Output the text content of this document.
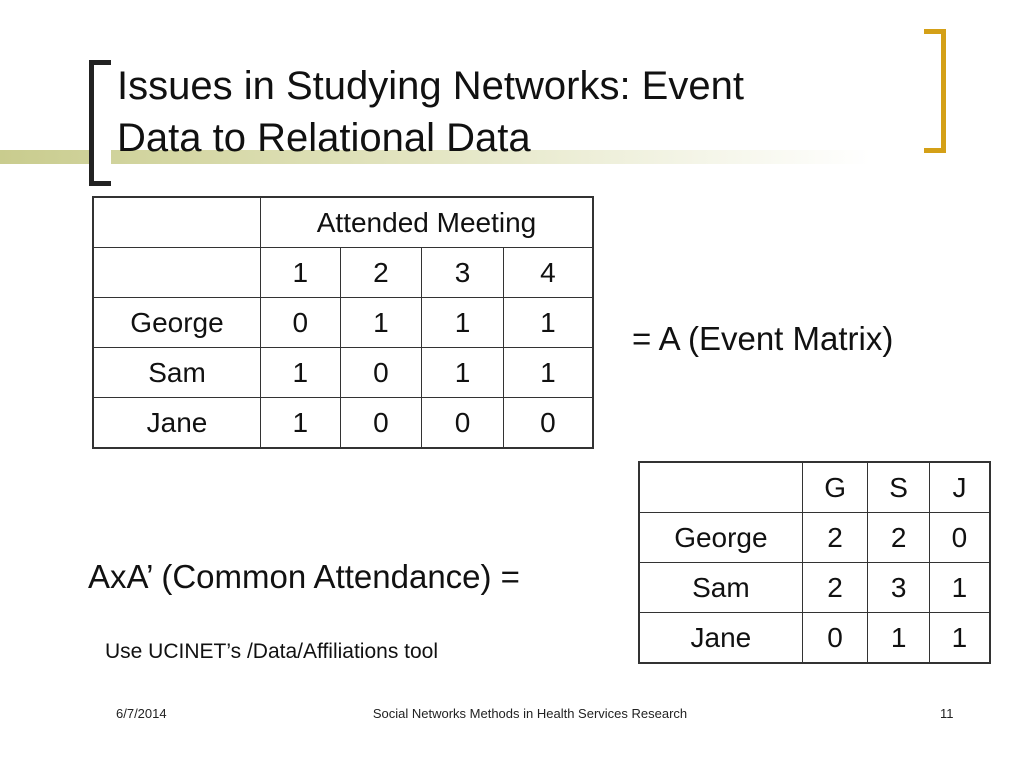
Issues in Studying Networks: Event
Data to Relational Data
	Attended Meeting			
	1	2	3	4
George	0	1	1	1
Sam	1	0	1	1
Jane	1	0	0	0
= A (Event Matrix)
	G	S	J
George	2	2	0
Sam	2	3	1
Jane	0	1	1
AxA’ (Common Attendance) =
Use UCINET’s /Data/Affiliations tool
6/7/2014	Social Networks Methods in Health Services Research	11
